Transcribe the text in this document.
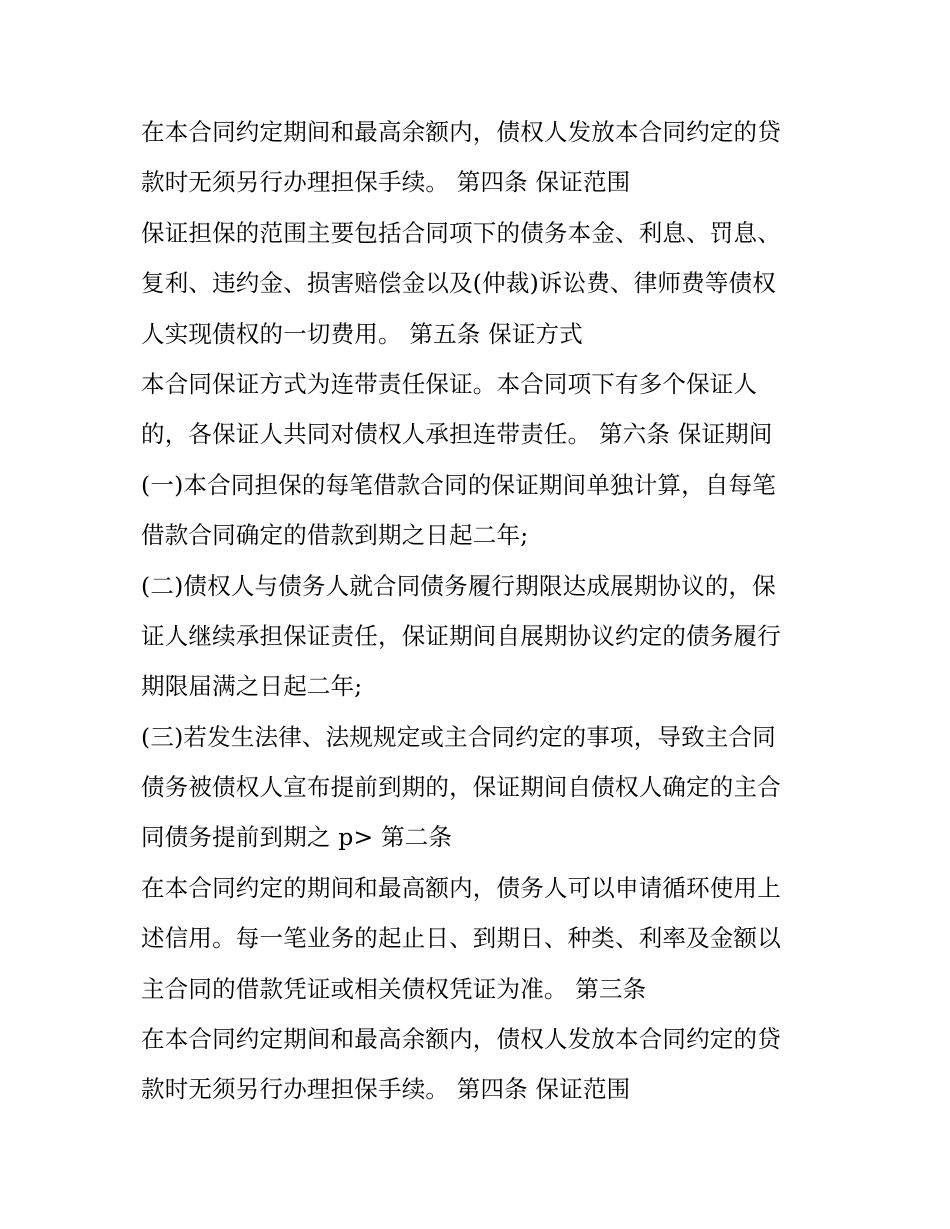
在本合同约定期间和最高余额内，债权人发放本合同约定的贷
款时无须另行办理担保手续。 第四条 保证范围
保证担保的范围主要包括合同项下的债务本金、利息、罚息、
复利、违约金、损害赔偿金以及(仲裁)诉讼费、律师费等债权
人实现债权的一切费用。 第五条 保证方式
本合同保证方式为连带责任保证。本合同项下有多个保证人
的，各保证人共同对债权人承担连带责任。 第六条 保证期间
(一)本合同担保的每笔借款合同的保证期间单独计算，自每笔
借款合同确定的借款到期之日起二年;
(二)债权人与债务人就合同债务履行期限达成展期协议的，保
证人继续承担保证责任，保证期间自展期协议约定的债务履行
期限届满之日起二年;
(三)若发生法律、法规规定或主合同约定的事项，导致主合同
债务被债权人宣布提前到期的，保证期间自债权人确定的主合
同债务提前到期之 p> 第二条
在本合同约定的期间和最高额内，债务人可以申请循环使用上
述信用。每一笔业务的起止日、到期日、种类、利率及金额以
主合同的借款凭证或相关债权凭证为准。 第三条
在本合同约定期间和最高余额内，债权人发放本合同约定的贷
款时无须另行办理担保手续。 第四条 保证范围
